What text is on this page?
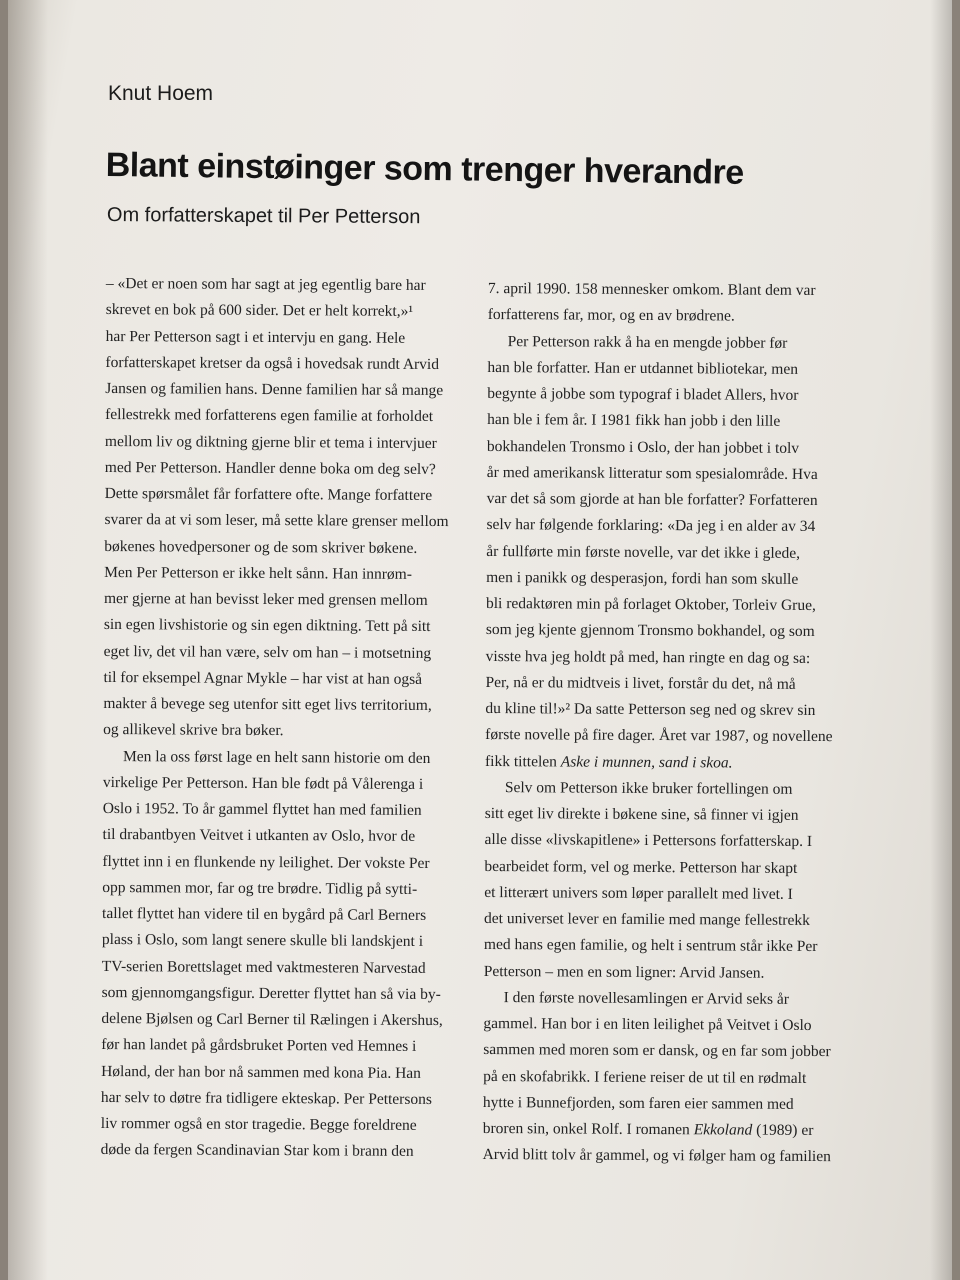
Knut Hoem
Blant einstøinger som trenger hverandre
Om forfatterskapet til Per Petterson
– «Det er noen som har sagt at jeg egentlig bare har
skrevet en bok på 600 sider. Det er helt korrekt,»¹
har Per Petterson sagt i et intervju en gang. Hele
forfatterskapet kretser da også i hovedsak rundt Arvid
Jansen og familien hans. Denne familien har så mange
fellestrekk med forfatterens egen familie at forholdet
mellom liv og diktning gjerne blir et tema i intervjuer
med Per Petterson. Handler denne boka om deg selv?
Dette spørsmålet får forfattere ofte. Mange forfattere
svarer da at vi som leser, må sette klare grenser mellom
bøkenes hovedpersoner og de som skriver bøkene.
Men Per Petterson er ikke helt sånn. Han innrøm-
mer gjerne at han bevisst leker med grensen mellom
sin egen livshistorie og sin egen diktning. Tett på sitt
eget liv, det vil han være, selv om han – i motsetning
til for eksempel Agnar Mykle – har vist at han også
makter å bevege seg utenfor sitt eget livs territorium,
og allikevel skrive bra bøker.
Men la oss først lage en helt sann historie om den
virkelige Per Petterson. Han ble født på Vålerenga i
Oslo i 1952. To år gammel flyttet han med familien
til drabantbyen Veitvet i utkanten av Oslo, hvor de
flyttet inn i en flunkende ny leilighet. Der vokste Per
opp sammen mor, far og tre brødre. Tidlig på sytti-
tallet flyttet han videre til en bygård på Carl Berners
plass i Oslo, som langt senere skulle bli landskjent i
TV-serien Borettslaget med vaktmesteren Narvestad
som gjennomgangsfigur. Deretter flyttet han så via by-
delene Bjølsen og Carl Berner til Rælingen i Akershus,
før han landet på gårdsbruket Porten ved Hemnes i
Høland, der han bor nå sammen med kona Pia. Han
har selv to døtre fra tidligere ekteskap. Per Pettersons
liv rommer også en stor tragedie. Begge foreldrene
døde da fergen Scandinavian Star kom i brann den
7. april 1990. 158 mennesker omkom. Blant dem var
forfatterens far, mor, og en av brødrene.
Per Petterson rakk å ha en mengde jobber før
han ble forfatter. Han er utdannet bibliotekar, men
begynte å jobbe som typograf i bladet Allers, hvor
han ble i fem år. I 1981 fikk han jobb i den lille
bokhandelen Tronsmo i Oslo, der han jobbet i tolv
år med amerikansk litteratur som spesialområde. Hva
var det så som gjorde at han ble forfatter? Forfatteren
selv har følgende forklaring: «Da jeg i en alder av 34
år fullførte min første novelle, var det ikke i glede,
men i panikk og desperasjon, fordi han som skulle
bli redaktøren min på forlaget Oktober, Torleiv Grue,
som jeg kjente gjennom Tronsmo bokhandel, og som
visste hva jeg holdt på med, han ringte en dag og sa:
Per, nå er du midtveis i livet, forstår du det, nå må
du kline til!»² Da satte Petterson seg ned og skrev sin
første novelle på fire dager. Året var 1987, og novellene
fikk tittelen Aske i munnen, sand i skoa.
Selv om Petterson ikke bruker fortellingen om
sitt eget liv direkte i bøkene sine, så finner vi igjen
alle disse «livskapitlene» i Pettersons forfatterskap. I
bearbeidet form, vel og merke. Petterson har skapt
et litterært univers som løper parallelt med livet. I
det universet lever en familie med mange fellestrekk
med hans egen familie, og helt i sentrum står ikke Per
Petterson – men en som ligner: Arvid Jansen.
I den første novellesamlingen er Arvid seks år
gammel. Han bor i en liten leilighet på Veitvet i Oslo
sammen med moren som er dansk, og en far som jobber
på en skofabrikk. I feriene reiser de ut til en rødmalt
hytte i Bunnefjorden, som faren eier sammen med
broren sin, onkel Rolf. I romanen Ekkoland (1989) er
Arvid blitt tolv år gammel, og vi følger ham og familien
